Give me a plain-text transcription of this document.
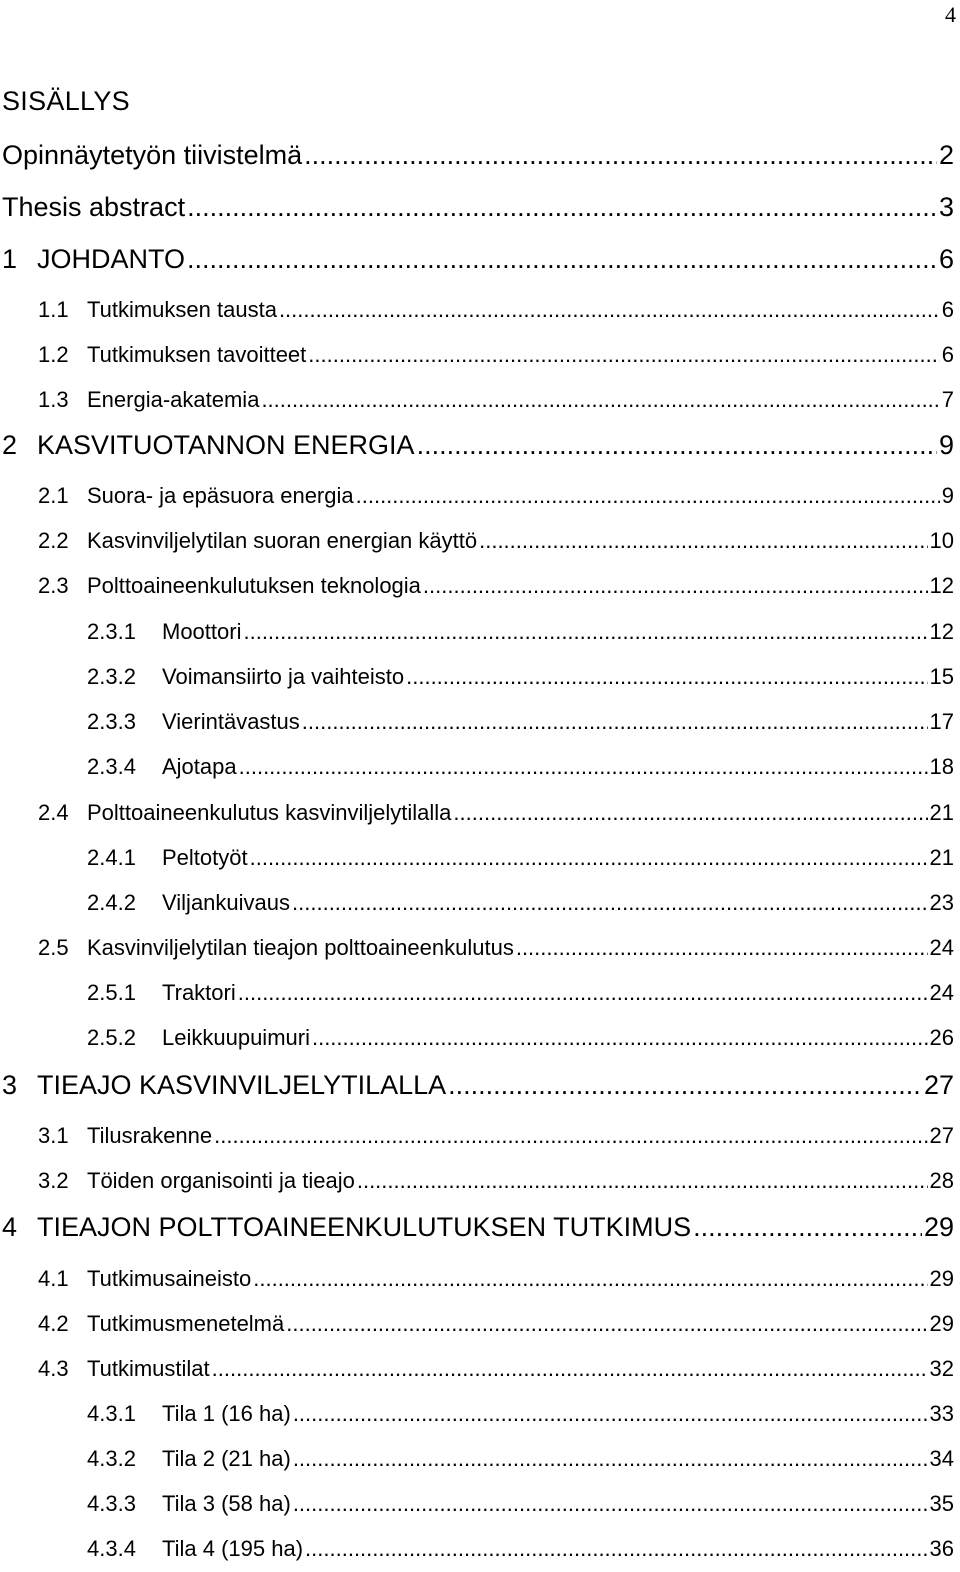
4
SISÄLLYS
Opinnäytetyön tiivistelmä .....	2
Thesis abstract .....	3
1 JOHDANTO .....	6
1.1 Tutkimuksen tausta .....	6
1.2 Tutkimuksen tavoitteet .....	6
1.3 Energia-akatemia .....	7
2 KASVITUOTANNON ENERGIA .....	9
2.1 Suora- ja epäsuora energia .....	9
2.2 Kasvinviljelytilan suoran energian käyttö .....	10
2.3 Polttoaineenkulutuksen teknologia .....	12
2.3.1	Moottori .....	12
2.3.2	Voimansiirto ja vaihteisto .....	15
2.3.3	Vierintävastus .....	17
2.3.4	Ajotapa .....	18
2.4 Polttoaineenkulutus kasvinviljelytilalla .....	21
2.4.1	Peltotyöt .....	21
2.4.2	Viljankuivaus .....	23
2.5 Kasvinviljelytilan tieajon polttoaineenkulutus .....	24
2.5.1	Traktori .....	24
2.5.2	Leikkuupuimuri .....	26
3 TIEAJO KASVINVILJELYTILALLA .....	27
3.1 Tilusrakenne .....	27
3.2 Töiden organisointi ja tieajo .....	28
4 TIEAJON POLTTOAINEENKULUTUKSEN TUTKIMUS .....	29
4.1 Tutkimusaineisto .....	29
4.2 Tutkimusmenetelmä .....	29
4.3 Tutkimustilat .....	32
4.3.1	Tila 1 (16 ha) .....	33
4.3.2	Tila 2 (21 ha) .....	34
4.3.3	Tila 3 (58 ha) .....	35
4.3.4	Tila 4 (195 ha) .....	36
